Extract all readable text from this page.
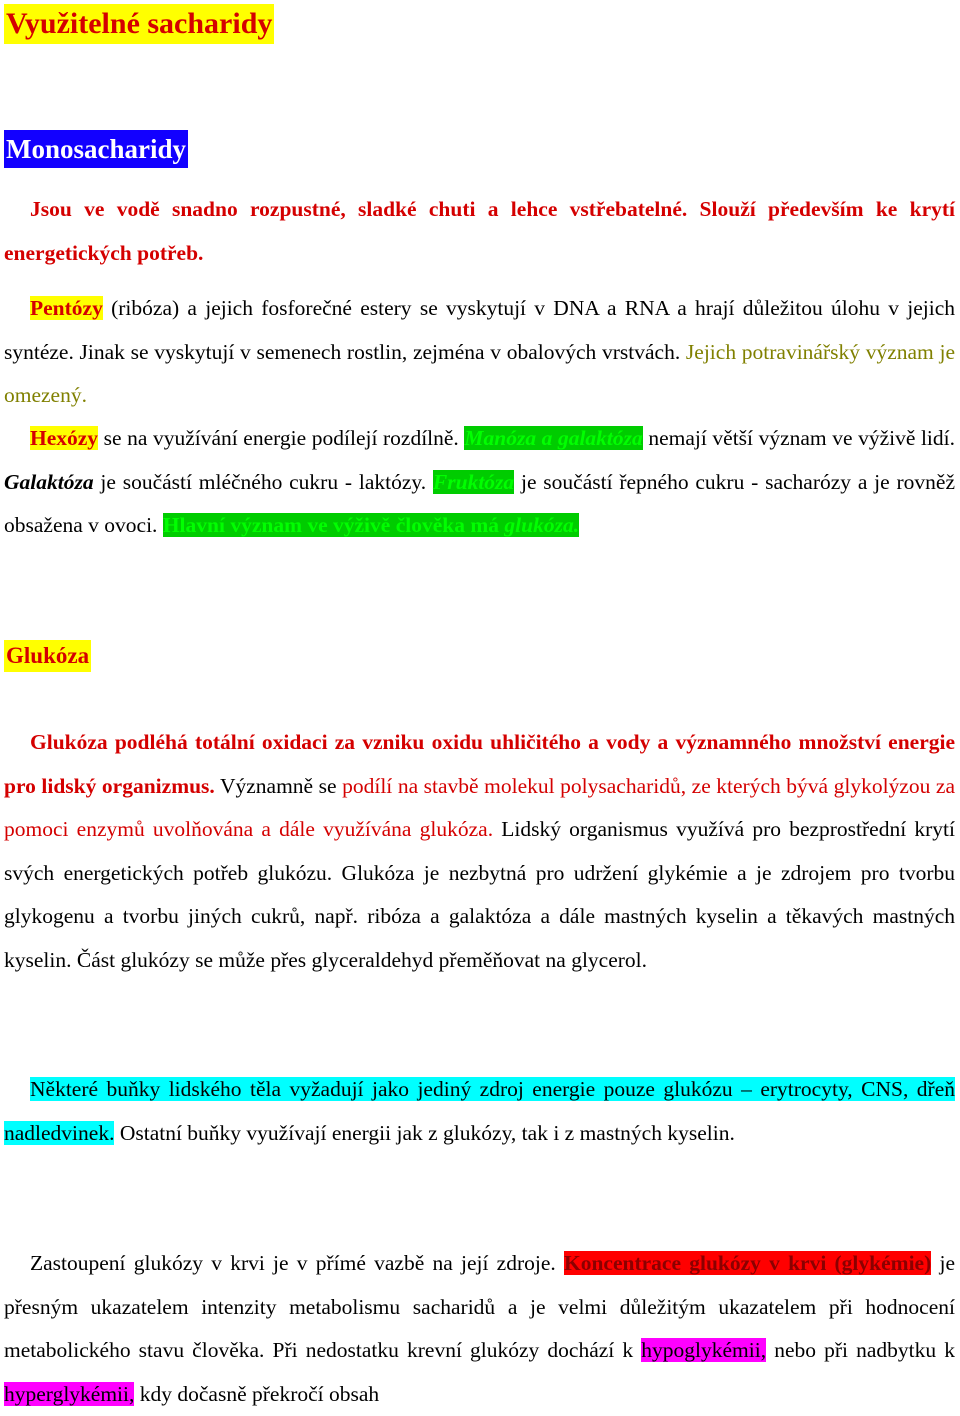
Využitelné sacharidy
Monosacharidy

Jsou ve vodě snadno rozpustné, sladké chuti a lehce vstřebatelné. Slouží především ke krytí energetických potřeb.

Pentózy (ribóza) a jejich fosforečné estery se vyskytují v DNA a RNA a hrají důležitou úlohu v jejich syntéze. Jinak se vyskytují v semenech rostlin, zejména v obalových vrstvách. Jejich potravinářský význam je omezený.

Hexózy se na využívání energie podílejí rozdílně. Manóza a galaktóza nemají větší význam ve výživě lidí. Galaktóza je součástí mléčného cukru - laktózy. Fruktóza je součástí řepného cukru - sacharózy a je rovněž obsažena v ovoci. Hlavní význam ve výživě člověka má glukóza.

Glukóza

Glukóza podléhá totální oxidaci za vzniku oxidu uhličitého a vody a významného množství energie pro lidský organizmus. Významně se podílí na stavbě molekul polysacharidů, ze kterých bývá glykolýzou za pomoci enzymů uvolňována a dále využívána glukóza. Lidský organismus využívá pro bezprostřední krytí svých energetických potřeb glukózu. Glukóza je nezbytná pro udržení glykémie a je zdrojem pro tvorbu glykogenu a tvorbu jiných cukrů, např. ribóza a galaktóza a dále mastných kyselin a těkavých mastných kyselin. Část glukózy se může přes glyceraldehyd přeměňovat na glycerol.

Některé buňky lidského těla vyžadují jako jediný zdroj energie pouze glukózu – erytrocyty, CNS, dřeň nadledvinek. Ostatní buňky využívají energii jak z glukózy, tak i z mastných kyselin.

Zastoupení glukózy v krvi je v přímé vazbě na její zdroje. Koncentrace glukózy v krvi (glykémie) je přesným ukazatelem intenzity metabolismu sacharidů a je velmi důležitým ukazatelem při hodnocení metabolického stavu člověka. Při nedostatku krevní glukózy dochází k hypoglykémii, nebo při nadbytku k hyperglykémii, kdy dočasně překročí obsah
